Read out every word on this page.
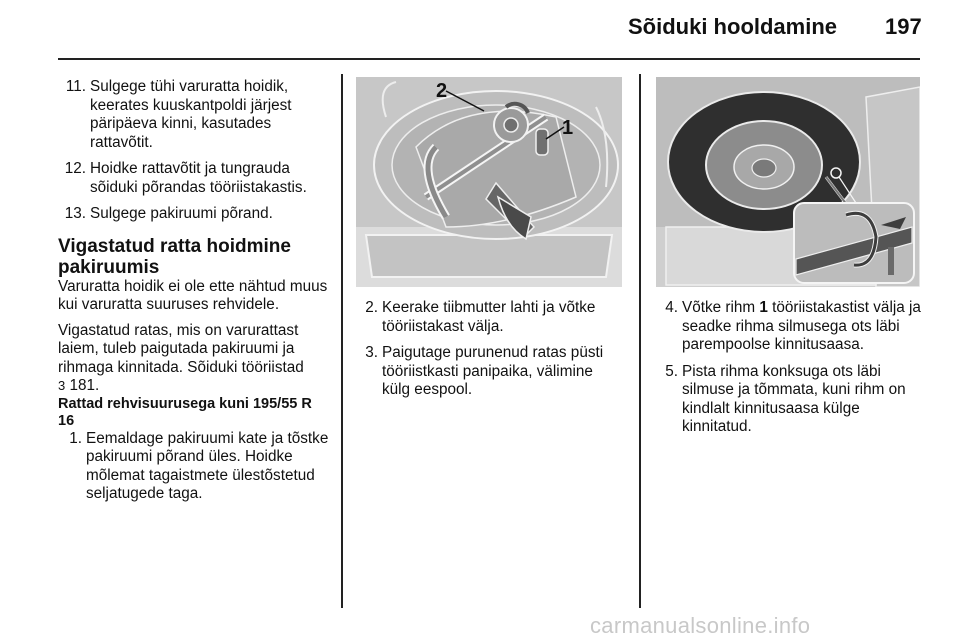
Sõiduki hooldamine 197
11. Sulgege tühi varuratta hoidik, keerates kuuskantpoldi järjest päripäeva kinni, kasutades rattavõtit.
12. Hoidke rattavõtit ja tungrauda sõiduki põrandas tööriistakastis.
13. Sulgege pakiruumi põrand.
Vigastatud ratta hoidmine pakiruumis

Varuratta hoidik ei ole ette nähtud muus kui varuratta suuruses rehvidele.

Vigastatud ratas, mis on varurattast laiem, tuleb paigutada pakiruumi ja rihmaga kinnitada. Sõiduki tööriistad
3 181.

Rattad rehvisuurusega kuni 195/55 R 16
1. Eemaldage pakiruumi kate ja tõstke pakiruumi põrand üles. Hoidke mõlemat tagaistmete ülestõstetud seljatugede taga.
2
1
2. Keerake tiibmutter lahti ja võtke tööriistakast välja.
3. Paigutage purunenud ratas püsti tööriistkasti panipaika, välimine külg eespool.
4. Võtke rihm 1 tööriistakastist välja ja seadke rihma silmusega ots läbi parempoolse kinnitusaasa.
5. Pista rihma konksuga ots läbi silmuse ja tõmmata, kuni rihm on kindlalt kinnitusaasa külge kinnitatud.
carmanualsonline.info
